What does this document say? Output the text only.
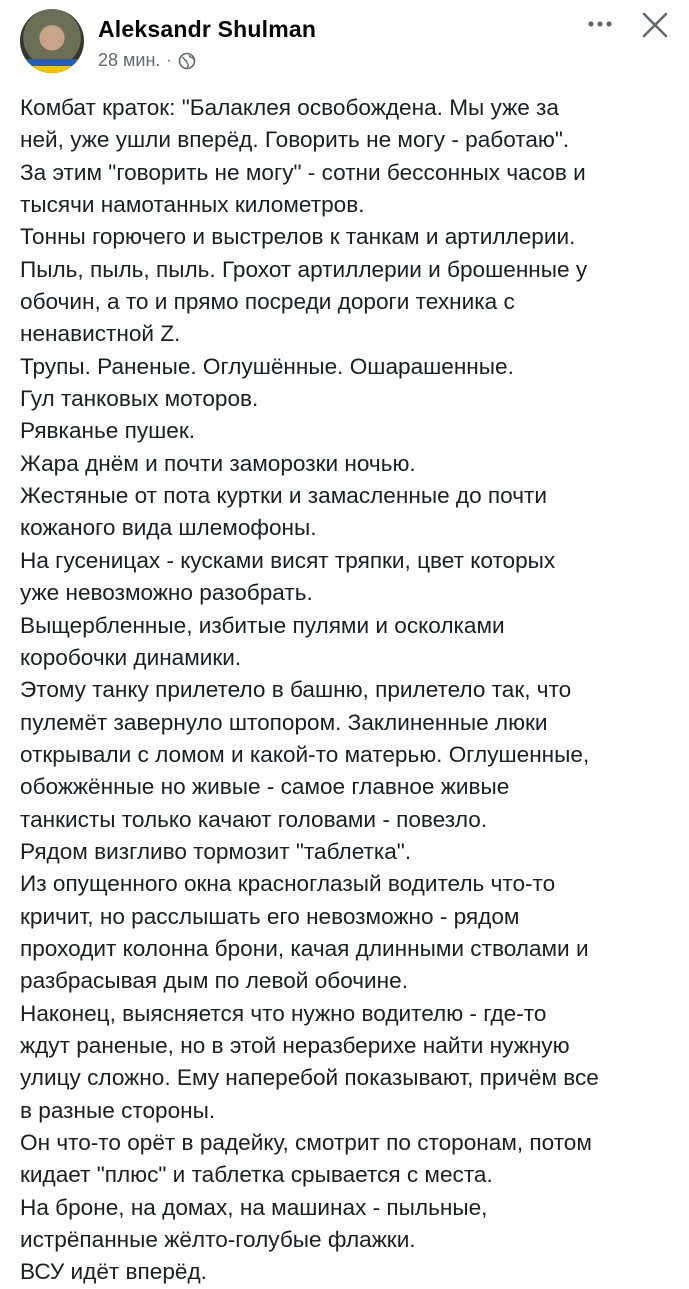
Aleksandr Shulman
28 мин. ·
Комбат краток: "Балаклея освобождена. Мы уже за
ней, уже ушли вперёд. Говорить не могу - работаю".
За этим "говорить не могу" - сотни бессонных часов и
тысячи намотанных километров.
Тонны горючего и выстрелов к танкам и артиллерии.
Пыль, пыль, пыль. Грохот артиллерии и брошенные у
обочин, а то и прямо посреди дороги техника с
ненавистной Z.
Трупы. Раненые. Оглушённые. Ошарашенные.
Гул танковых моторов.
Рявканье пушек.
Жара днём и почти заморозки ночью.
Жестяные от пота куртки и замасленные до почти
кожаного вида шлемофоны.
На гусеницах - кусками висят тряпки, цвет которых
уже невозможно разобрать.
Выщербленные, избитые пулями и осколками
коробочки динамики.
Этому танку прилетело в башню, прилетело так, что
пулемёт завернуло штопором. Заклиненные люки
открывали с ломом и какой-то матерью. Оглушенные,
обожжённые но живые - самое главное живые
танкисты только качают головами - повезло.
Рядом визгливо тормозит "таблетка".
Из опущенного окна красноглазый водитель что-то
кричит, но расслышать его невозможно - рядом
проходит колонна брони, качая длинными стволами и
разбрасывая дым по левой обочине.
Наконец, выясняется что нужно водителю - где-то
ждут раненые, но в этой неразберихе найти нужную
улицу сложно. Ему наперебой показывают, причём все
в разные стороны.
Он что-то орёт в радейку, смотрит по сторонам, потом
кидает "плюс" и таблетка срывается с места.
На броне, на домах, на машинах - пыльные,
истрёпанные жёлто-голубые флажки.
ВСУ идёт вперёд.
